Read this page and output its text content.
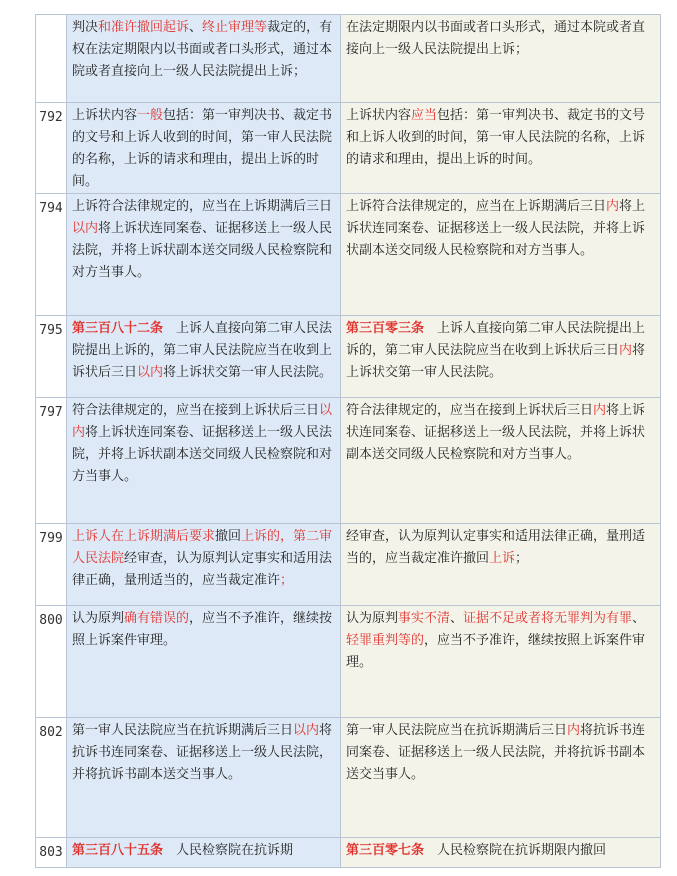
	判决和准许撤回起诉、终止审理等裁定的，有权在法定期限内以书面或者口头形式，通过本院或者直接向上一级人民法院提出上诉；	在法定期限内以书面或者口头形式，通过本院或者直接向上一级人民法院提出上诉；
792	上诉状内容一般包括：第一审判决书、裁定书的文号和上诉人收到的时间，第一审人民法院的名称，上诉的请求和理由，提出上诉的时间。	上诉状内容应当包括：第一审判决书、裁定书的文号和上诉人收到的时间，第一审人民法院的名称，上诉的请求和理由，提出上诉的时间。
794	上诉符合法律规定的，应当在上诉期满后三日以内将上诉状连同案卷、证据移送上一级人民法院，并将上诉状副本送交同级人民检察院和对方当事人。	上诉符合法律规定的，应当在上诉期满后三日内将上诉状连同案卷、证据移送上一级人民法院，并将上诉状副本送交同级人民检察院和对方当事人。
795	第三百八十二条　上诉人直接向第二审人民法院提出上诉的，第二审人民法院应当在收到上诉状后三日以内将上诉状交第一审人民法院。	第三百零三条　上诉人直接向第二审人民法院提出上诉的，第二审人民法院应当在收到上诉状后三日内将上诉状交第一审人民法院。
797	符合法律规定的，应当在接到上诉状后三日以内将上诉状连同案卷、证据移送上一级人民法院，并将上诉状副本送交同级人民检察院和对方当事人。	符合法律规定的，应当在接到上诉状后三日内将上诉状连同案卷、证据移送上一级人民法院，并将上诉状副本送交同级人民检察院和对方当事人。
799	上诉人在上诉期满后要求撤回上诉的，第二审人民法院经审查，认为原判认定事实和适用法律正确，量刑适当的，应当裁定准许；	经审查，认为原判认定事实和适用法律正确，量刑适当的，应当裁定准许撤回上诉；
800	认为原判确有错误的，应当不予准许，继续按照上诉案件审理。	认为原判事实不清、证据不足或者将无罪判为有罪、轻罪重判等的，应当不予准许，继续按照上诉案件审理。
802	第一审人民法院应当在抗诉期满后三日以内将抗诉书连同案卷、证据移送上一级人民法院，并将抗诉书副本送交当事人。	第一审人民法院应当在抗诉期满后三日内将抗诉书连同案卷、证据移送上一级人民法院，并将抗诉书副本送交当事人。
803	第三百八十五条　人民检察院在抗诉期	第三百零七条　人民检察院在抗诉期限内撤回
